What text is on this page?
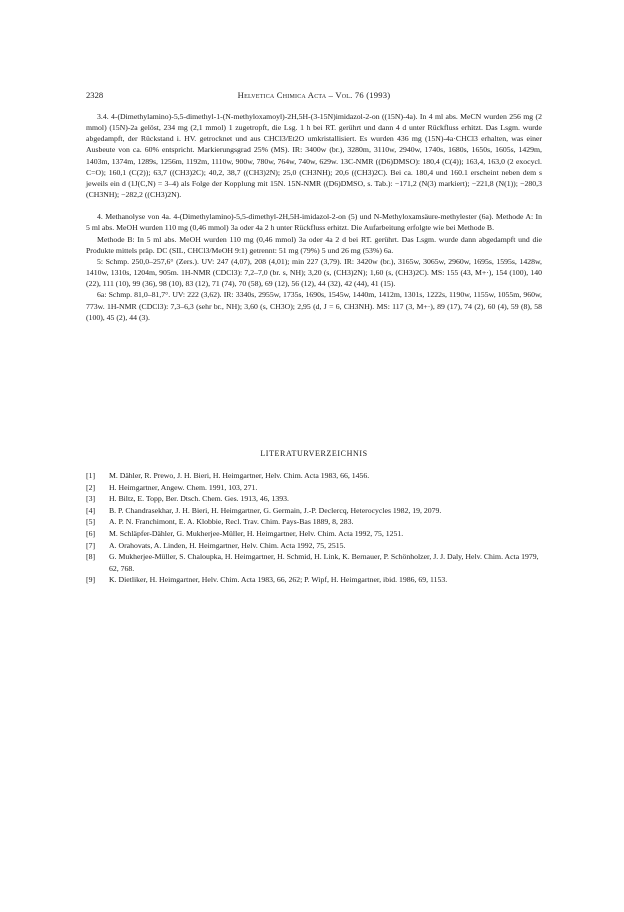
2328	Helvetica Chimica Acta – Vol. 76 (1993)

3.4. 4-(Dimethylamino)-5,5-dimethyl-1-(N-methyloxamoyl)-2H,5H-(3-15N)imidazol-2-on ((15N)-4a). In 4 ml abs. MeCN wurden 256 mg (2 mmol) (15N)-2a gelöst, 234 mg (2,1 mmol) 1 zugetropft, die Lsg. 1 h bei RT. gerührt und dann 4 d unter Rückfluss erhitzt. Das Lsgm. wurde abgedampft, der Rückstand i. HV. getrocknet und aus CHCl3/Et2O umkristallisiert. Es wurden 436 mg (15N)-4a·CHCl3 erhalten, was einer Ausbeute von ca. 60% entspricht. Markierungsgrad 25% (MS). IR: 3400w (br.), 3280m, 3110w, 2940w, 1740s, 1680s, 1650s, 1605s, 1429m, 1403m, 1374m, 1289s, 1256m, 1192m, 1110w, 900w, 780w, 764w, 740w, 629w. 13C-NMR ((D6)DMSO): 180,4 (C(4)); 163,4, 163,0 (2 exocycl. C=O); 160,1 (C(2)); 63,7 ((CH3)2C); 40,2, 38,7 ((CH3)2N); 25,0 (CH3NH); 20,6 ((CH3)2C). Bei ca. 180,4 und 160.1 erscheint neben dem s jeweils ein d (1J(C,N) = 3–4) als Folge der Kopplung mit 15N. 15N-NMR ((D6)DMSO, s. Tab.): −171,2 (N(3) markiert); −221,8 (N(1)); −280,3 (CH3NH); −282,2 ((CH3)2N).

4. Methanolyse von 4a. 4-(Dimethylamino)-5,5-dimethyl-2H,5H-imidazol-2-on (5) und N-Methyloxamsäure-methylester (6a). Methode A: In 5 ml abs. MeOH wurden 110 mg (0,46 mmol) 3a oder 4a 2 h unter Rückfluss erhitzt. Die Aufarbeitung erfolgte wie bei Methode B.

Methode B: In 5 ml abs. MeOH wurden 110 mg (0,46 mmol) 3a oder 4a 2 d bei RT. gerührt. Das Lsgm. wurde dann abgedampft und die Produkte mittels präp. DC (SIL, CHCl3/MeOH 9:1) getrennt: 51 mg (79%) 5 und 26 mg (53%) 6a.

5: Schmp. 250,0–257,6° (Zers.). UV: 247 (4,07), 208 (4,01); min 227 (3,79). IR: 3420w (br.), 3165w, 3065w, 2960w, 1695s, 1595s, 1428w, 1410w, 1310s, 1204m, 905m. 1H-NMR (CDCl3): 7,2–7,0 (br. s, NH); 3,20 (s, (CH3)2N); 1,60 (s, (CH3)2C). MS: 155 (43, M+·), 154 (100), 140 (22), 111 (10), 99 (36), 98 (10), 83 (12), 71 (74), 70 (58), 69 (12), 56 (12), 44 (32), 42 (44), 41 (15).

6a: Schmp. 81,0–81,7°. UV: 222 (3,62). IR: 3340s, 2955w, 1735s, 1690s, 1545w, 1440m, 1412m, 1301s, 1222s, 1190w, 1155w, 1055m, 960w, 773w. 1H-NMR (CDCl3): 7,3–6,3 (sehr br., NH); 3,60 (s, CH3O); 2,95 (d, J = 6, CH3NH). MS: 117 (3, M+·), 89 (17), 74 (2), 60 (4), 59 (8), 58 (100), 45 (2), 44 (3).

LITERATURVERZEICHNIS
[1] M. Dähler, R. Prewo, J. H. Bieri, H. Heimgartner, Helv. Chim. Acta 1983, 66, 1456.
[2] H. Heimgartner, Angew. Chem. 1991, 103, 271.
[3] H. Biltz, E. Topp, Ber. Dtsch. Chem. Ges. 1913, 46, 1393.
[4] B. P. Chandrasekhar, J. H. Bieri, H. Heimgartner, G. Germain, J.-P. Declercq, Heterocycles 1982, 19, 2079.
[5] A. P. N. Franchimont, E. A. Klobbie, Recl. Trav. Chim. Pays-Bas 1889, 8, 283.
[6] M. Schläpfer-Dähler, G. Mukherjee-Müller, H. Heimgartner, Helv. Chim. Acta 1992, 75, 1251.
[7] A. Orahovats, A. Linden, H. Heimgartner, Helv. Chim. Acta 1992, 75, 2515.
[8] G. Mukherjee-Müller, S. Chaloupka, H. Heimgartner, H. Schmid, H. Link, K. Bernauer, P. Schönholzer, J. J. Daly, Helv. Chim. Acta 1979, 62, 768.
[9] K. Dietliker, H. Heimgartner, Helv. Chim. Acta 1983, 66, 262; P. Wipf, H. Heimgartner, ibid. 1986, 69, 1153.
